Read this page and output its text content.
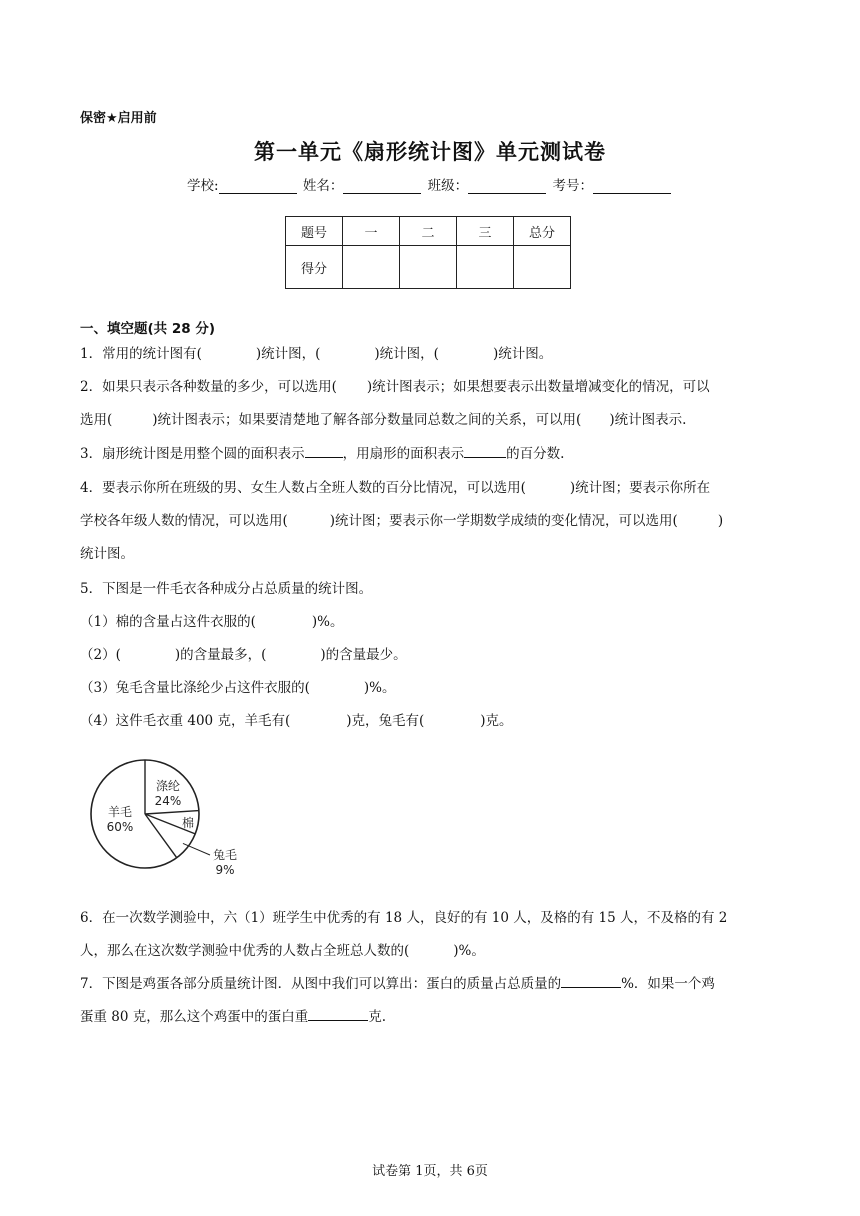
保密★启用前
第一单元《扇形统计图》单元测试卷
学校:	姓名：	班级：	考号：
题号	一	二	三	总分
得分				
一、填空题(共 28 分)
1．常用的统计图有(	)统计图，(	)统计图，(	)统计图。
2．如果只表示各种数量的多少，可以选用( )统计图表示；如果想要表示出数量增减变化的情况，可以
选用(	)统计图表示；如果要清楚地了解各部分数量同总数之间的关系，可以用( )统计图表示.
3．扇形统计图是用整个圆的面积表示	，用扇形的面积表示	的百分数.
4．要表示你所在班级的男、女生人数占全班人数的百分比情况，可以选用(	)统计图；要表示你所在
学校各年级人数的情况，可以选用(	)统计图；要表示你一学期数学成绩的变化情况，可以选用(	)
统计图。
5．下图是一件毛衣各种成分占总质量的统计图。
（1）棉的含量占这件衣服的(	)%。
（2）(	)的含量最多，(	)的含量最少。
（3）兔毛含量比涤纶少占这件衣服的(	)%。
（4）这件毛衣重 400 克，羊毛有(	)克，兔毛有(	)克。
羊毛 60%
涤纶 24%
棉
兔毛 9%
6．在一次数学测验中，六（1）班学生中优秀的有 18 人，良好的有 10 人，及格的有 15 人，不及格的有 2
人，那么在这次数学测验中优秀的人数占全班总人数的(	)%。
7．下图是鸡蛋各部分质量统计图．从图中我们可以算出：蛋白的质量占总质量的	%．如果一个鸡
蛋重 80 克，那么这个鸡蛋中的蛋白重	克.
试卷第 1页，共 6页
